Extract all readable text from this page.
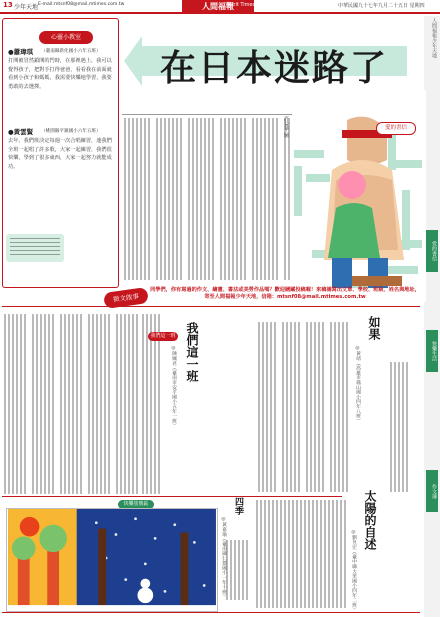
13 少年天地 E-mail:mtsnf08@mail.mtimes.com.tw	人間福報
Merit Times	中華民國九十七年九月二十五日 星期四
人間福報少年天地
愛的書信
快樂生活
作文簿
心靈小教室
●蕭瑋琪 （臺南縣新化國小六年五班）
打開被冒然鎖開的門時，在那裡遇上，我可以覺得孩子，把對手打得爸爸，看看我在前面就看到小孩子和媽媽，我需要快樂地學習，我要勇敢的去選擇。
●黃雲賢 （桃園縣平鎮國小六年五班）
去年，我們班決定每週一次合唱練習，連我們全班一起唱了許多歌，大家一起練習，我們很快樂，學到了很多東西，大家一起努力就能成功。
在日本迷路了
許益華 圖	愛的書信
徵文啟事
同學們，你有寫過的作文、繪畫、書法或美勞作品嗎？歡迎踴躍投稿喔！來稿請寫出文章、學校、班級、姓名與地址，寄至人間福報少年天地，信箱：mtsnf08@mail.mtimes.com.tw
我們這一班 我們這一班
◎陳姵君（臺南市安平國小五年一班）
如果
◎黃靖（高雄市鳳山國小四年八班）
太陽的自述
◎劉昱宏（臺中縣大里國小四年二班）
快樂塗鴉區	四季
◎黃嘉瑜（臺南縣仁德國小一年十班）
